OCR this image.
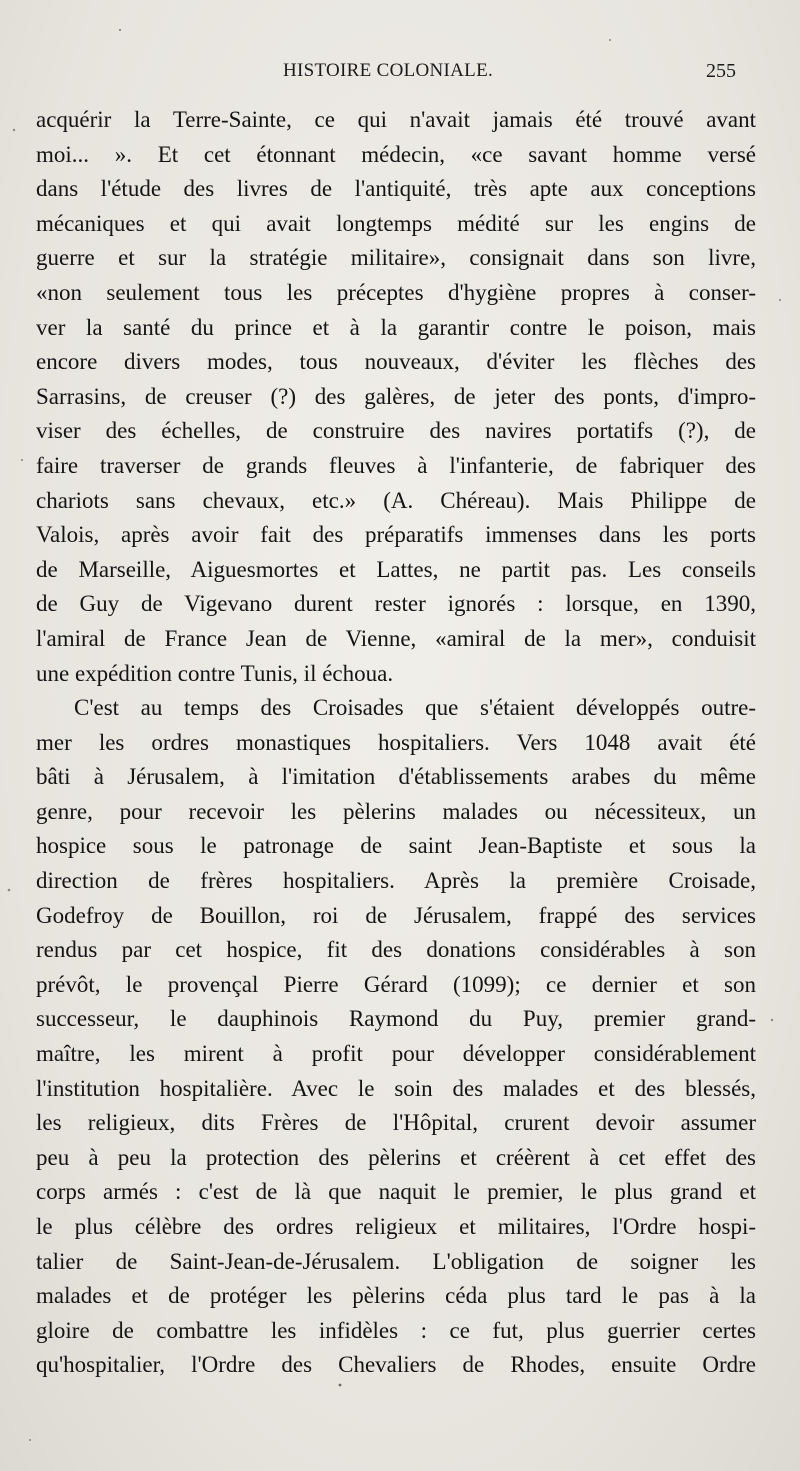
HISTOIRE COLONIALE.	255
acquérir la Terre-Sainte, ce qui n'avait jamais été trouvé avant
moi... ». Et cet étonnant médecin, «ce savant homme versé
dans l'étude des livres de l'antiquité, très apte aux conceptions
mécaniques et qui avait longtemps médité sur les engins de
guerre et sur la stratégie militaire», consignait dans son livre,
«non seulement tous les préceptes d'hygiène propres à conser-
ver la santé du prince et à la garantir contre le poison, mais
encore divers modes, tous nouveaux, d'éviter les flèches des
Sarrasins, de creuser (?) des galères, de jeter des ponts, d'impro-
viser des échelles, de construire des navires portatifs (?), de
faire traverser de grands fleuves à l'infanterie, de fabriquer des
chariots sans chevaux, etc.» (A. Chéreau). Mais Philippe de
Valois, après avoir fait des préparatifs immenses dans les ports
de Marseille, Aiguesmortes et Lattes, ne partit pas. Les conseils
de Guy de Vigevano durent rester ignorés : lorsque, en 1390,
l'amiral de France Jean de Vienne, «amiral de la mer», conduisit
une expédition contre Tunis, il échoua.
C'est au temps des Croisades que s'étaient développés outre-
mer les ordres monastiques hospitaliers. Vers 1048 avait été
bâti à Jérusalem, à l'imitation d'établissements arabes du même
genre, pour recevoir les pèlerins malades ou nécessiteux, un
hospice sous le patronage de saint Jean-Baptiste et sous la
direction de frères hospitaliers. Après la première Croisade,
Godefroy de Bouillon, roi de Jérusalem, frappé des services
rendus par cet hospice, fit des donations considérables à son
prévôt, le provençal Pierre Gérard (1099); ce dernier et son
successeur, le dauphinois Raymond du Puy, premier grand-
maître, les mirent à profit pour développer considérablement
l'institution hospitalière. Avec le soin des malades et des blessés,
les religieux, dits Frères de l'Hôpital, crurent devoir assumer
peu à peu la protection des pèlerins et créèrent à cet effet des
corps armés : c'est de là que naquit le premier, le plus grand et
le plus célèbre des ordres religieux et militaires, l'Ordre hospi-
talier de Saint-Jean-de-Jérusalem. L'obligation de soigner les
malades et de protéger les pèlerins céda plus tard le pas à la
gloire de combattre les infidèles : ce fut, plus guerrier certes
qu'hospitalier, l'Ordre des Chevaliers de Rhodes, ensuite Ordre
